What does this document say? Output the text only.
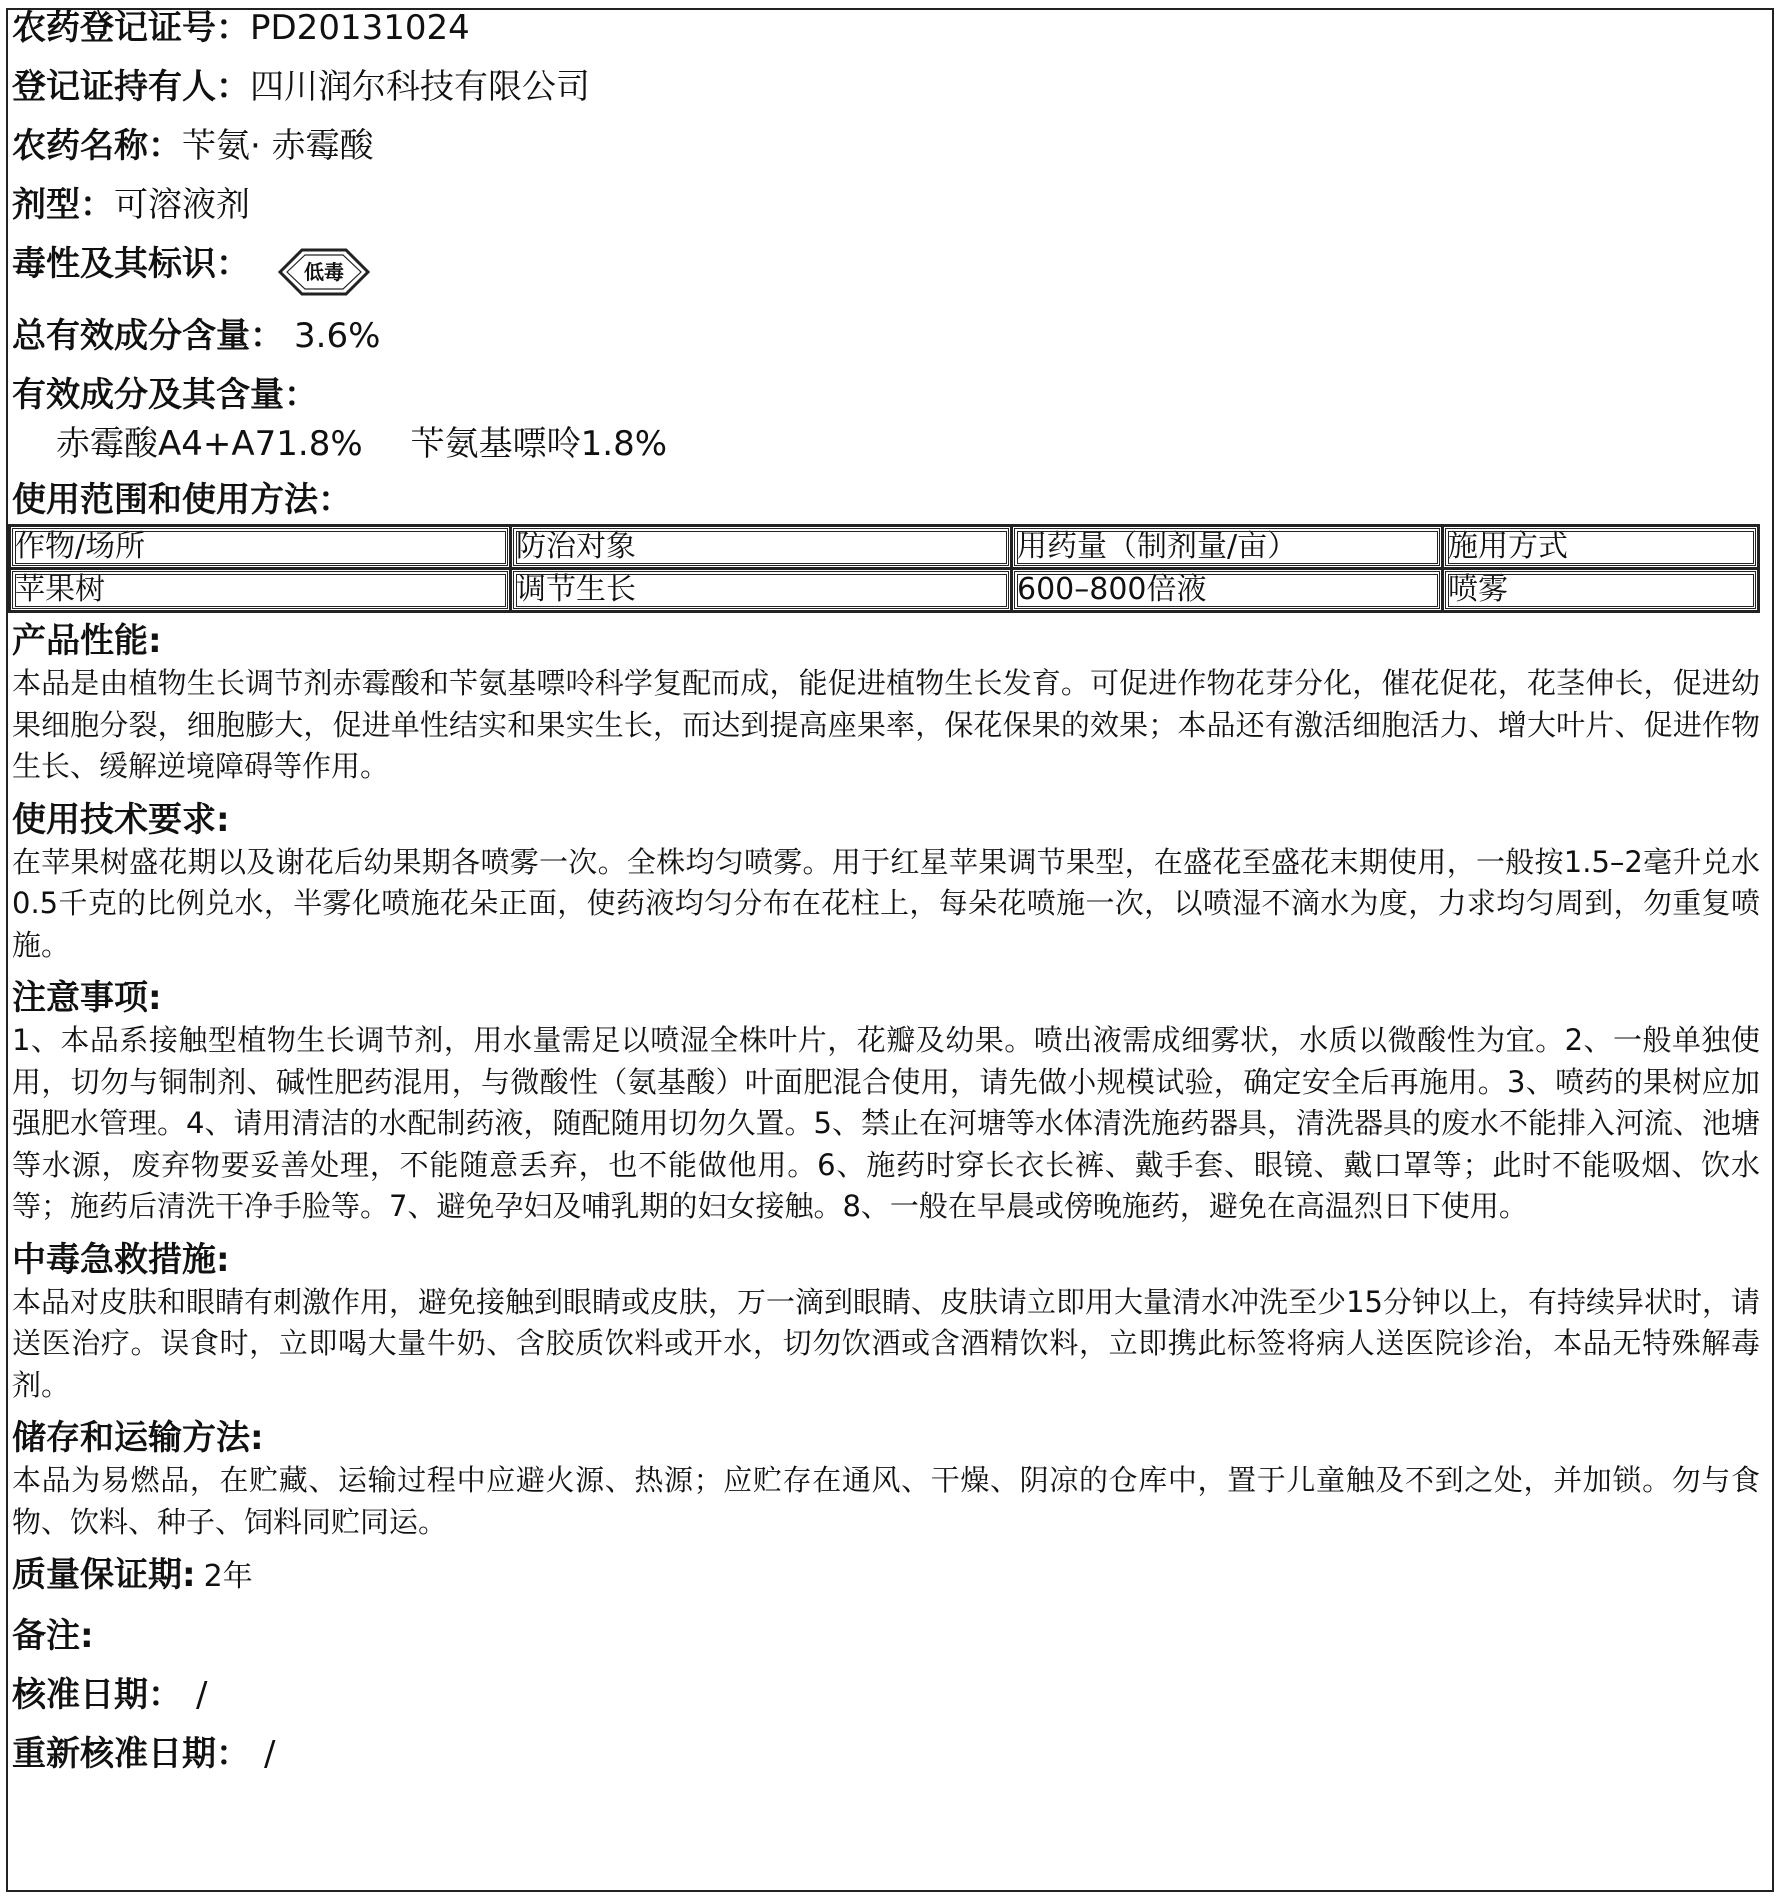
农药登记证号：PD20131024
登记证持有人：四川润尔科技有限公司
农药名称：苄氨· 赤霉酸
剂型：可溶液剂
毒性及其标识：	低毒
总有效成分含量： 3.6%
有效成分及其含量：
赤霉酸A4+A71.8% 苄氨基嘌呤1.8%
使用范围和使用方法：
作物/场所	防治对象	用药量（制剂量/亩）	施用方式
苹果树	调节生长	600–800倍液	喷雾
产品性能:
本品是由植物生长调节剂赤霉酸和苄氨基嘌呤科学复配而成，能促进植物生长发育。可促进作物花芽分化，催花促花，花茎伸长，促进幼果细胞分裂，细胞膨大，促进单性结实和果实生长，而达到提高座果率，保花保果的效果；本品还有激活细胞活力、增大叶片、促进作物生长、缓解逆境障碍等作用。
使用技术要求:
在苹果树盛花期以及谢花后幼果期各喷雾一次。全株均匀喷雾。用于红星苹果调节果型，在盛花至盛花末期使用，一般按1.5–2毫升兑水0.5千克的比例兑水，半雾化喷施花朵正面，使药液均匀分布在花柱上，每朵花喷施一次，以喷湿不滴水为度，力求均匀周到，勿重复喷施。
注意事项:
1、本品系接触型植物生长调节剂，用水量需足以喷湿全株叶片，花瓣及幼果。喷出液需成细雾状，水质以微酸性为宜。2、一般单独使用，切勿与铜制剂、碱性肥药混用，与微酸性（氨基酸）叶面肥混合使用，请先做小规模试验，确定安全后再施用。3、喷药的果树应加强肥水管理。4、请用清洁的水配制药液，随配随用切勿久置。5、禁止在河塘等水体清洗施药器具，清洗器具的废水不能排入河流、池塘等水源，废弃物要妥善处理，不能随意丢弃，也不能做他用。6、施药时穿长衣长裤、戴手套、眼镜、戴口罩等；此时不能吸烟、饮水等；施药后清洗干净手脸等。7、避免孕妇及哺乳期的妇女接触。8、一般在早晨或傍晚施药，避免在高温烈日下使用。
中毒急救措施:
本品对皮肤和眼睛有刺激作用，避免接触到眼睛或皮肤，万一滴到眼睛、皮肤请立即用大量清水冲洗至少15分钟以上，有持续异状时，请送医治疗。误食时，立即喝大量牛奶、含胶质饮料或开水，切勿饮酒或含酒精饮料，立即携此标签将病人送医院诊治，本品无特殊解毒剂。
储存和运输方法:
本品为易燃品，在贮藏、运输过程中应避火源、热源；应贮存在通风、干燥、阴凉的仓库中，置于儿童触及不到之处，并加锁。勿与食物、饮料、种子、饲料同贮同运。
质量保证期: 2年
备注:
核准日期： /
重新核准日期： /
